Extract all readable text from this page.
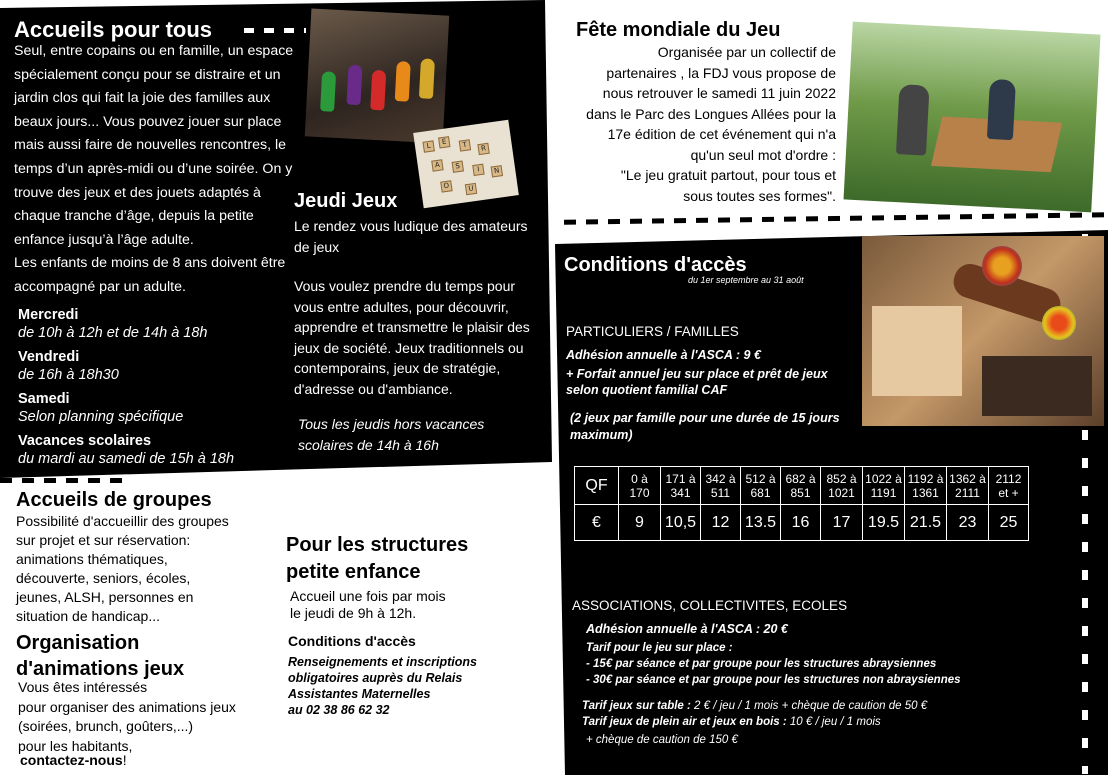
Accueils pour tous
Seul, entre copains ou en famille, un espace
spécialement conçu pour se distraire et un
jardin clos qui fait la joie des familles aux
beaux jours... Vous pouvez jouer sur place
mais aussi faire de nouvelles rencontres, le
temps d’un après-midi ou d’une soirée. On y
trouve des jeux et des jouets adaptés à
chaque tranche d’âge, depuis la petite
enfance jusqu’à l’âge adulte.
Les enfants de moins de 8 ans doivent être
accompagné par un adulte.
Mercredi
de 10h à 12h et de 14h à 18h
Vendredi
de 16h à 18h30
Samedi
Selon planning spécifique
Vacances scolaires
du mardi au samedi de 15h à 18h
L	E	T	R
A	S	I	N
O	U
Jeudi Jeux
Le rendez vous ludique des amateurs
de jeux
Vous voulez prendre du temps pour
vous entre adultes, pour découvrir,
apprendre et transmettre le plaisir des
jeux de société. Jeux traditionnels ou
contemporains, jeux de stratégie,
d'adresse ou d'ambiance.
Tous les jeudis hors vacances
scolaires de 14h à 16h
Fête mondiale du Jeu
Organisée par un collectif de
partenaires , la FDJ vous propose de
nous retrouver le samedi 11 juin 2022
dans le Parc des Longues Allées pour la
17e édition de cet événement qui n'a
qu'un seul mot d'ordre :
"Le jeu gratuit partout, pour tous et
sous toutes ses formes".
Conditions d'accès
du 1er septembre au 31 août
PARTICULIERS / FAMILLES
Adhésion annuelle à l'ASCA : 9 €
+ Forfait annuel jeu sur place et prêt de jeux
selon quotient familial CAF
(2 jeux par famille pour une durée de 15 jours
maximum)
QF	0 à 170	171 à 341	342 à 511	512 à 681	682 à 851	852 à 1021	1022 à 1191	1192 à 1361	1362 à 2111	2112 et +
€	9	10,5	12	13.5	16	17	19.5	21.5	23	25
ASSOCIATIONS, COLLECTIVITES, ECOLES
Adhésion annuelle à l'ASCA : 20 €
Tarif pour le jeu sur place :
- 15€ par séance et par groupe pour les structures abraysiennes
- 30€ par séance et par groupe pour les structures non abraysiennes
Tarif jeux sur table : 2 € / jeu / 1 mois + chèque de caution de 50 €
Tarif jeux de plein air et jeux en bois : 10 € / jeu / 1 mois
+ chèque de caution de 150 €
Accueils de groupes
Possibilité d'accueillir des groupes
sur projet et sur réservation:
animations thématiques,
découverte, seniors, écoles,
jeunes, ALSH, personnes en
situation de handicap...
Organisation
d'animations jeux
Vous êtes intéressés
pour organiser des animations jeux
(soirées, brunch, goûters,...)
pour les habitants,
contactez-nous!
Pour les structures
petite enfance
Accueil une fois par mois
le jeudi de 9h à 12h.
Conditions d'accès
Renseignements et inscriptions
obligatoires auprès du Relais
Assistantes Maternelles
au 02 38 86 62 32
